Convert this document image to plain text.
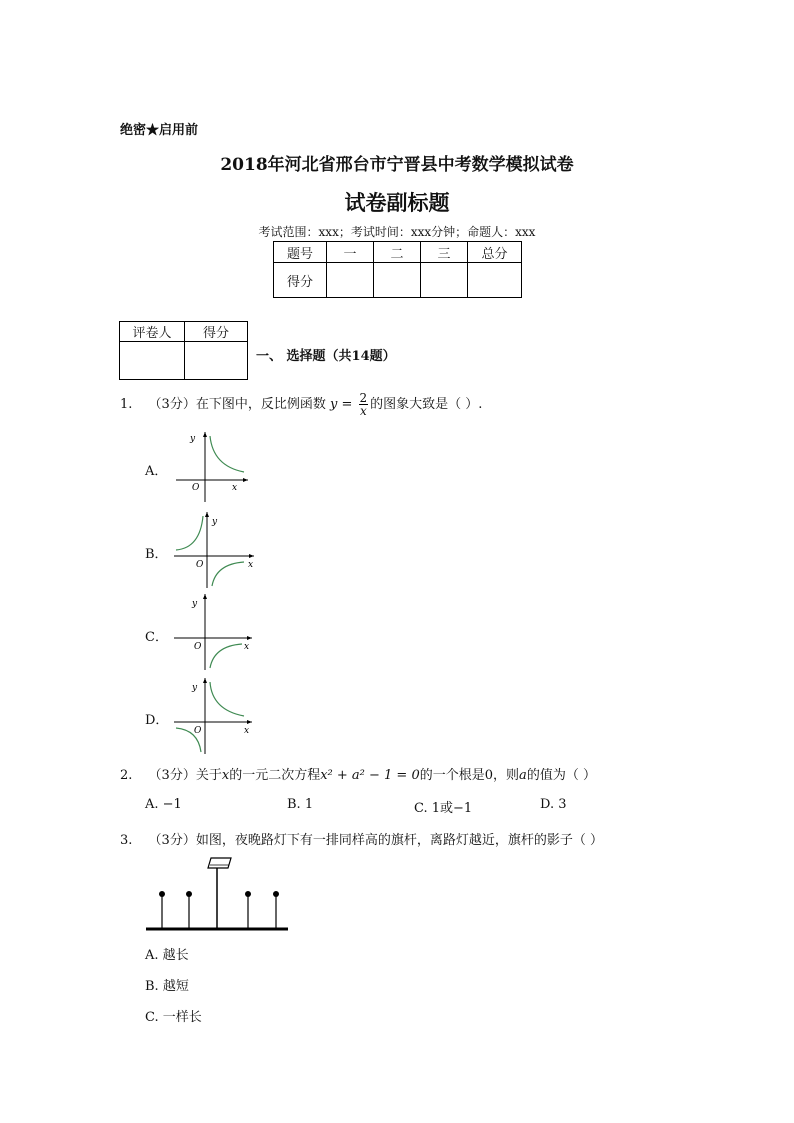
绝密★启用前
2018年河北省邢台市宁晋县中考数学模拟试卷
试卷副标题
考试范围：xxx；考试时间：xxx分钟；命题人：xxx
题号	一	二	三	总分
得分				
评卷人	得分

一、 选择题（共14题）
1. （3分）在下图中，反比例函数 $y = \frac{2}{x}$ 的图象大致是（ ）.
A．
B．
C．
D．
y
x
O
y
x
O
y
x
O
y
x
O
2. （3分）关于x的一元二次方程x² + a² − 1 = 0的一个根是0，则a的值为（ ）
A. −1	B. 1	C. 1或−1	D. 3
3. （3分）如图，夜晚路灯下有一排同样高的旗杆，离路灯越近，旗杆的影子（ ）
A. 越长
B. 越短
C. 一样长
